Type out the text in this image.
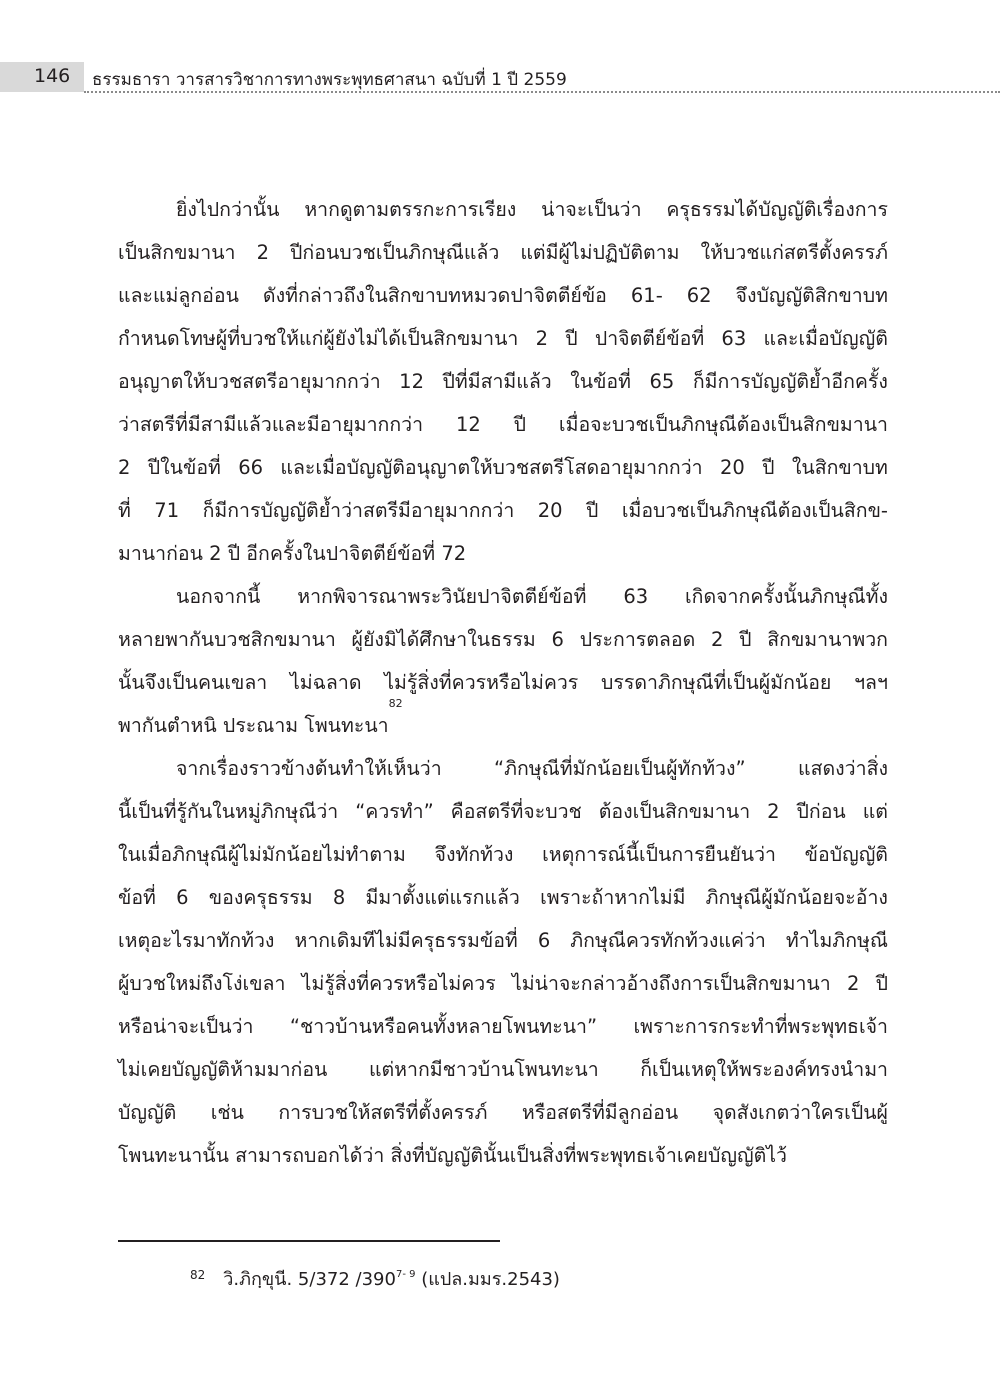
146 ธรรมธารา วารสารวิชาการทางพระพุทธศาสนา ฉบับที่ 1 ปี 2559
ยิ่งไปกว่านั้น หากดูตามตรรกะการเรียง น่าจะเป็นว่า ครุธรรมได้บัญญัติเรื่องการ
เป็นสิกขมานา 2 ปีก่อนบวชเป็นภิกษุณีแล้ว แต่มีผู้ไม่ปฏิบัติตาม ให้บวชแก่สตรีตั้งครรภ์
และแม่ลูกอ่อน ดังที่กล่าวถึงในสิกขาบทหมวดปาจิตตีย์ข้อ 61- 62 จึงบัญญัติสิกขาบท
กำหนดโทษผู้ที่บวชให้แก่ผู้ยังไม่ได้เป็นสิกขมานา 2 ปี ปาจิตตีย์ข้อที่ 63 และเมื่อบัญญัติ
อนุญาตให้บวชสตรีอายุมากกว่า 12 ปีที่มีสามีแล้ว ในข้อที่ 65 ก็มีการบัญญัติย้ำอีกครั้ง
ว่าสตรีที่มีสามีแล้วและมีอายุมากกว่า 12 ปี เมื่อจะบวชเป็นภิกษุณีต้องเป็นสิกขมานา
2 ปีในข้อที่ 66 และเมื่อบัญญัติอนุญาตให้บวชสตรีโสดอายุมากกว่า 20 ปี ในสิกขาบท
ที่ 71 ก็มีการบัญญัติย้ำว่าสตรีมีอายุมากกว่า 20 ปี เมื่อบวชเป็นภิกษุณีต้องเป็นสิกข-
มานาก่อน 2 ปี อีกครั้งในปาจิตตีย์ข้อที่ 72
นอกจากนี้ หากพิจารณาพระวินัยปาจิตตีย์ข้อที่ 63 เกิดจากครั้งนั้นภิกษุณีทั้ง
หลายพากันบวชสิกขมานา ผู้ยังมิได้ศึกษาในธรรม 6 ประการตลอด 2 ปี สิกขมานาพวก
นั้นจึงเป็นคนเขลา ไม่ฉลาด ไม่รู้สิ่งที่ควรหรือไม่ควร บรรดาภิกษุณีที่เป็นผู้มักน้อย ฯลฯ
พากันตำหนิ ประณาม โพนทะนา
82
จากเรื่องราวข้างต้นทำให้เห็นว่า	“ภิกษุณีที่มักน้อยเป็นผู้ทักท้วง”	แสดงว่าสิ่ง
นี้เป็นที่รู้กันในหมู่ภิกษุณีว่า “ควรทำ” คือสตรีที่จะบวช ต้องเป็นสิกขมานา 2 ปีก่อน แต่
ในเมื่อภิกษุณีผู้ไม่มักน้อยไม่ทำตาม จึงทักท้วง เหตุการณ์นี้เป็นการยืนยันว่า ข้อบัญญัติ
ข้อที่ 6 ของครุธรรม 8 มีมาตั้งแต่แรกแล้ว เพราะถ้าหากไม่มี ภิกษุณีผู้มักน้อยจะอ้าง
เหตุอะไรมาทักท้วง หากเดิมทีไม่มีครุธรรมข้อที่ 6 ภิกษุณีควรทักท้วงแค่ว่า ทำไมภิกษุณี
ผู้บวชใหม่ถึงโง่เขลา ไม่รู้สิ่งที่ควรหรือไม่ควร ไม่น่าจะกล่าวอ้างถึงการเป็นสิกขมานา 2 ปี
หรือน่าจะเป็นว่า “ชาวบ้านหรือคนทั้งหลายโพนทะนา” เพราะการกระทำที่พระพุทธเจ้า
ไม่เคยบัญญัติห้ามมาก่อน แต่หากมีชาวบ้านโพนทะนา ก็เป็นเหตุให้พระองค์ทรงนำมา
บัญญัติ เช่น การบวชให้สตรีที่ตั้งครรภ์ หรือสตรีที่มีลูกอ่อน จุดสังเกตว่าใครเป็นผู้
โพนทะนานั้น สามารถบอกได้ว่า สิ่งที่บัญญัตินั้นเป็นสิ่งที่พระพุทธเจ้าเคยบัญญัติไว้
$^{82}$ วิ.ภิกฺขุนี. 5/372 /390$^{7- 9}$ (แปล.มมร.2543)
